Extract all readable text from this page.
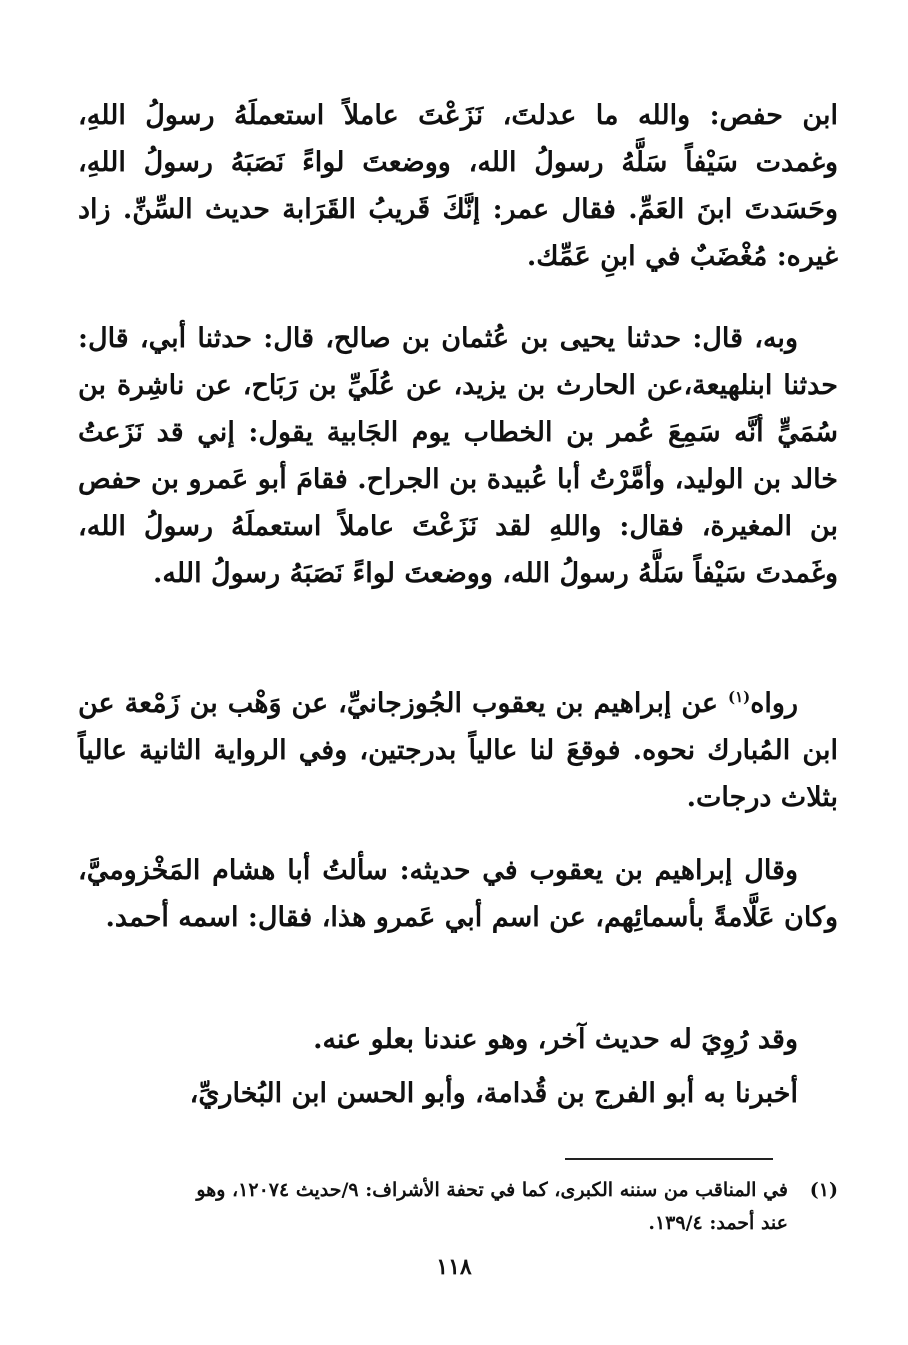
ابن حفص: والله ما عدلتَ، نَزَعْتَ عاملاً استعملَهُ رسولُ اللهِ، وغمدت سَيْفاً سَلَّهُ رسولُ الله، ووضعتَ لواءً نَصَبَهُ رسولُ اللهِ، وحَسَدتَ ابنَ العَمِّ. فقال عمر: إنَّكَ قَريبُ القَرَابة حديث السِّنِّ. زاد غيره: مُغْضَبٌ في ابنِ عَمِّك.
وبه، قال: حدثنا يحيى بن عُثمان بن صالح، قال: حدثنا أبي، قال: حدثنا ابنلهيعة،عن الحارث بن يزيد، عن عُلَيِّ بن رَبَاح، عن ناشِرة بن سُمَيٍّ أنَّه سَمِعَ عُمر بن الخطاب يوم الجَابية يقول: إني قد نَزَعتُ خالد بن الوليد، وأمَّرْتُ أبا عُبيدة بن الجراح. فقامَ أبو عَمرو بن حفص بن المغيرة، فقال: واللهِ لقد نَزَعْتَ عاملاً استعملَهُ رسولُ الله، وغَمدتَ سَيْفاً سَلَّهُ رسولُ الله، ووضعتَ لواءً نَصَبَهُ رسولُ الله.
رواه$^{(١)}$ عن إبراهيم بن يعقوب الجُوزجانيِّ، عن وَهْب بن زَمْعة عن ابن المُبارك نحوه. فوقعَ لنا عالياً بدرجتين، وفي الرواية الثانية عالياً بثلاث درجات.
وقال إبراهيم بن يعقوب في حديثه: سألتُ أبا هشام المَخْزوميَّ، وكان عَلَّامةً بأسمائِهم، عن اسم أبي عَمرو هذا، فقال: اسمه أحمد.
وقد رُوِيَ له حديث آخر، وهو عندنا بعلو عنه.
أخبرنا به أبو الفرج بن قُدامة، وأبو الحسن ابن البُخاريِّ،
(١)في المناقب من سننه الكبرى، كما في تحفة الأشراف: ٩/حديث ١٢٠٧٤، وهو
عند أحمد: ١٣٩/٤.
١١٨
